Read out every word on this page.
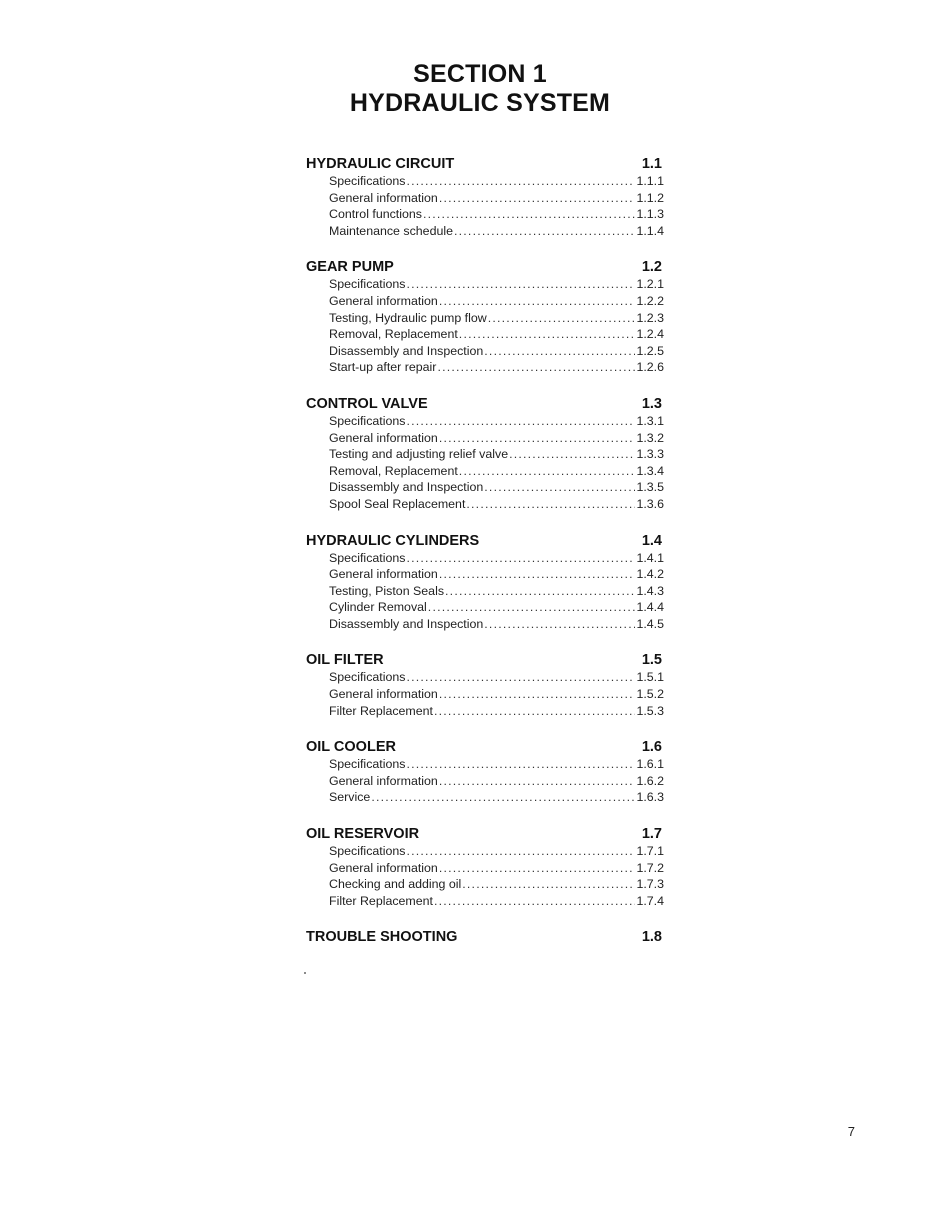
SECTION 1
HYDRAULIC SYSTEM
HYDRAULIC CIRCUIT	1.1
Specifications .....	1.1.1
General information .....	1.1.2
Control functions .....	1.1.3
Maintenance schedule .....	1.1.4
GEAR PUMP	1.2
Specifications .....	1.2.1
General information .....	1.2.2
Testing, Hydraulic pump flow .....	1.2.3
Removal, Replacement .....	1.2.4
Disassembly and Inspection .....	1.2.5
Start-up after repair .....	1.2.6
CONTROL VALVE	1.3
Specifications .....	1.3.1
General information .....	1.3.2
Testing and adjusting relief valve .....	1.3.3
Removal, Replacement .....	1.3.4
Disassembly and Inspection .....	1.3.5
Spool Seal Replacement .....	1.3.6
HYDRAULIC CYLINDERS	1.4
Specifications .....	1.4.1
General information .....	1.4.2
Testing, Piston Seals .....	1.4.3
Cylinder Removal .....	1.4.4
Disassembly and Inspection .....	1.4.5
OIL FILTER	1.5
Specifications .....	1.5.1
General information .....	1.5.2
Filter Replacement .....	1.5.3
OIL COOLER	1.6
Specifications .....	1.6.1
General information .....	1.6.2
Service .....	1.6.3
OIL RESERVOIR	1.7
Specifications .....	1.7.1
General information .....	1.7.2
Checking and adding oil .....	1.7.3
Filter Replacement .....	1.7.4
TROUBLE SHOOTING	1.8
7
